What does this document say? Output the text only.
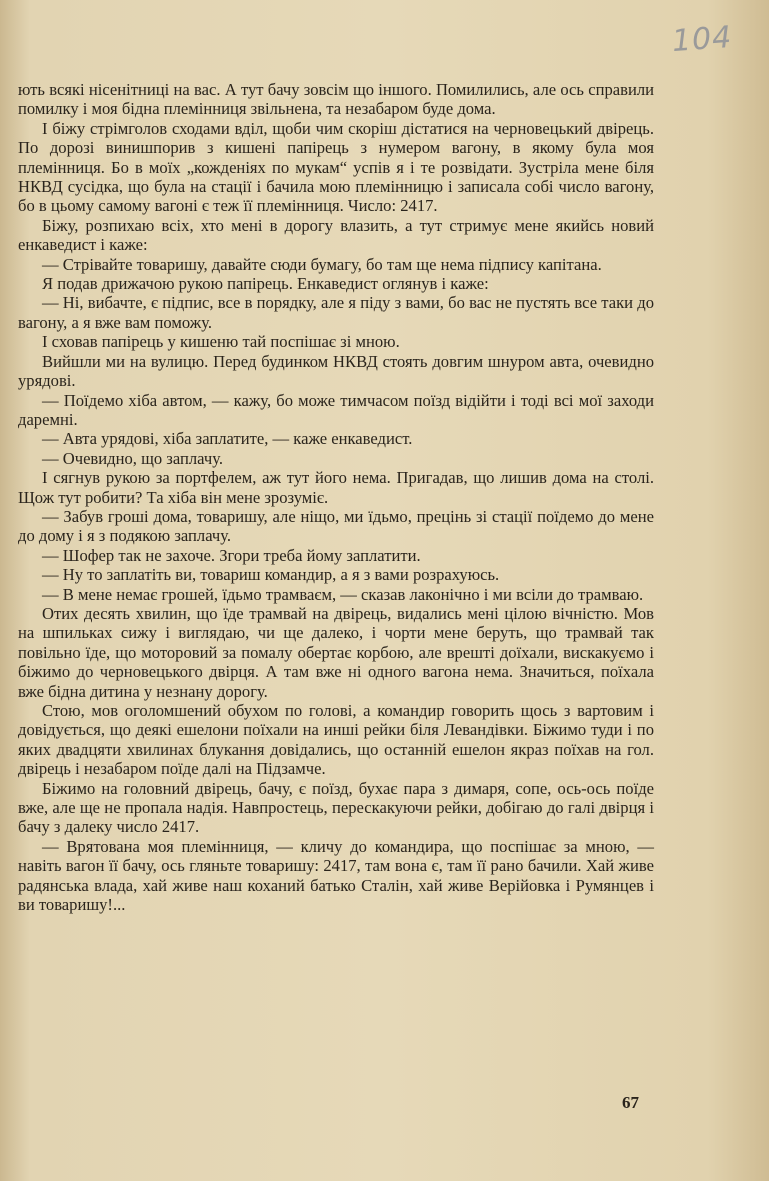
104

ють всякі нісенітниці на вас. А тут бачу зовсім що іншого. Помилились, але ось справили помилку і моя бідна племінниця звільнена, та незабаром буде дома.

І біжу стрімголов сходами вділ, щоби чим скоріш дістатися на черновецький двірець. По дорозі винишпорив з кишені папірець з нумером вагону, в якому була моя племінниця. Бо в моїх „кожденіях по мукам“ успів я і те розвідати. Зустріла мене біля НКВД сусідка, що була на стації і бачила мою племінницю і записала собі число вагону, бо в цьому самому вагоні є теж її племінниця. Число: 2417.

Біжу, розпихаю всіх, хто мені в дорогу влазить, а тут стримує мене якийсь новий енкаведист і каже:

— Стрівайте товаришу, давайте сюди бумагу, бо там ще нема підпису капітана.

Я подав дрижачою рукою папірець. Енкаведист оглянув і каже:

— Ні, вибачте, є підпис, все в порядку, але я піду з вами, бо вас не пустять все таки до вагону, а я вже вам поможу.

І сховав папірець у кишеню тай поспішає зі мною.

Вийшли ми на вулицю. Перед будинком НКВД стоять довгим шнуром авта, очевидно урядові.

— Поїдемо хіба автом, — кажу, бо може тимчасом поїзд відійти і тоді всі мої заходи даремні.

— Авта урядові, хіба заплатите, — каже енкаведист.

— Очевидно, що заплачу.

І сягнув рукою за портфелем, аж тут його нема. Пригадав, що лишив дома на столі. Щож тут робити? Та хіба він мене зрозуміє.

— Забув гроші дома, товаришу, але ніщо, ми їдьмо, прецінь зі стації поїдемо до мене до дому і я з подякою заплачу.

— Шофер так не захоче. Згори треба йому заплатити.

— Ну то заплатіть ви, товариш командир, а я з вами розрахуюсь.

— В мене немає грошей, їдьмо трамваєм, — сказав лаконічно і ми всіли до трамваю.

Отих десять хвилин, що їде трамвай на двірець, видались мені цілою вічністю. Мов на шпильках сижу і виглядаю, чи ще далеко, і чорти мене беруть, що трамвай так повільно їде, що моторовий за помалу обертає корбою, але врешті доїхали, вискакуємо і біжимо до черновецького двірця. А там вже ні одного вагона нема. Значиться, поїхала вже бідна дитина у незнану дорогу.

Стою, мов оголомшений обухом по голові, а командир говорить щось з вартовим і довідується, що деякі ешелони поїхали на инші рейки біля Левандівки. Біжимо туди і по яких двадцяти хвилинах блукання довідались, що останній ешелон якраз поїхав на гол. двірець і незабаром поїде далі на Підзамче.

Біжимо на головний двірець, бачу, є поїзд, бухає пара з димаря, сопе, ось-ось поїде вже, але ще не пропала надія. Навпростець, перескакуючи рейки, добігаю до галі двірця і бачу з далеку число 2417.

— Врятована моя племінниця, — кличу до командира, що поспішає за мною, — навіть вагон її бачу, ось гляньте товаришу: 2417, там вона є, там її рано бачили. Хай живе радянська влада, хай живе наш коханий батько Сталін, хай живе Верійовка і Румянцев і ви товаришу!...

67
